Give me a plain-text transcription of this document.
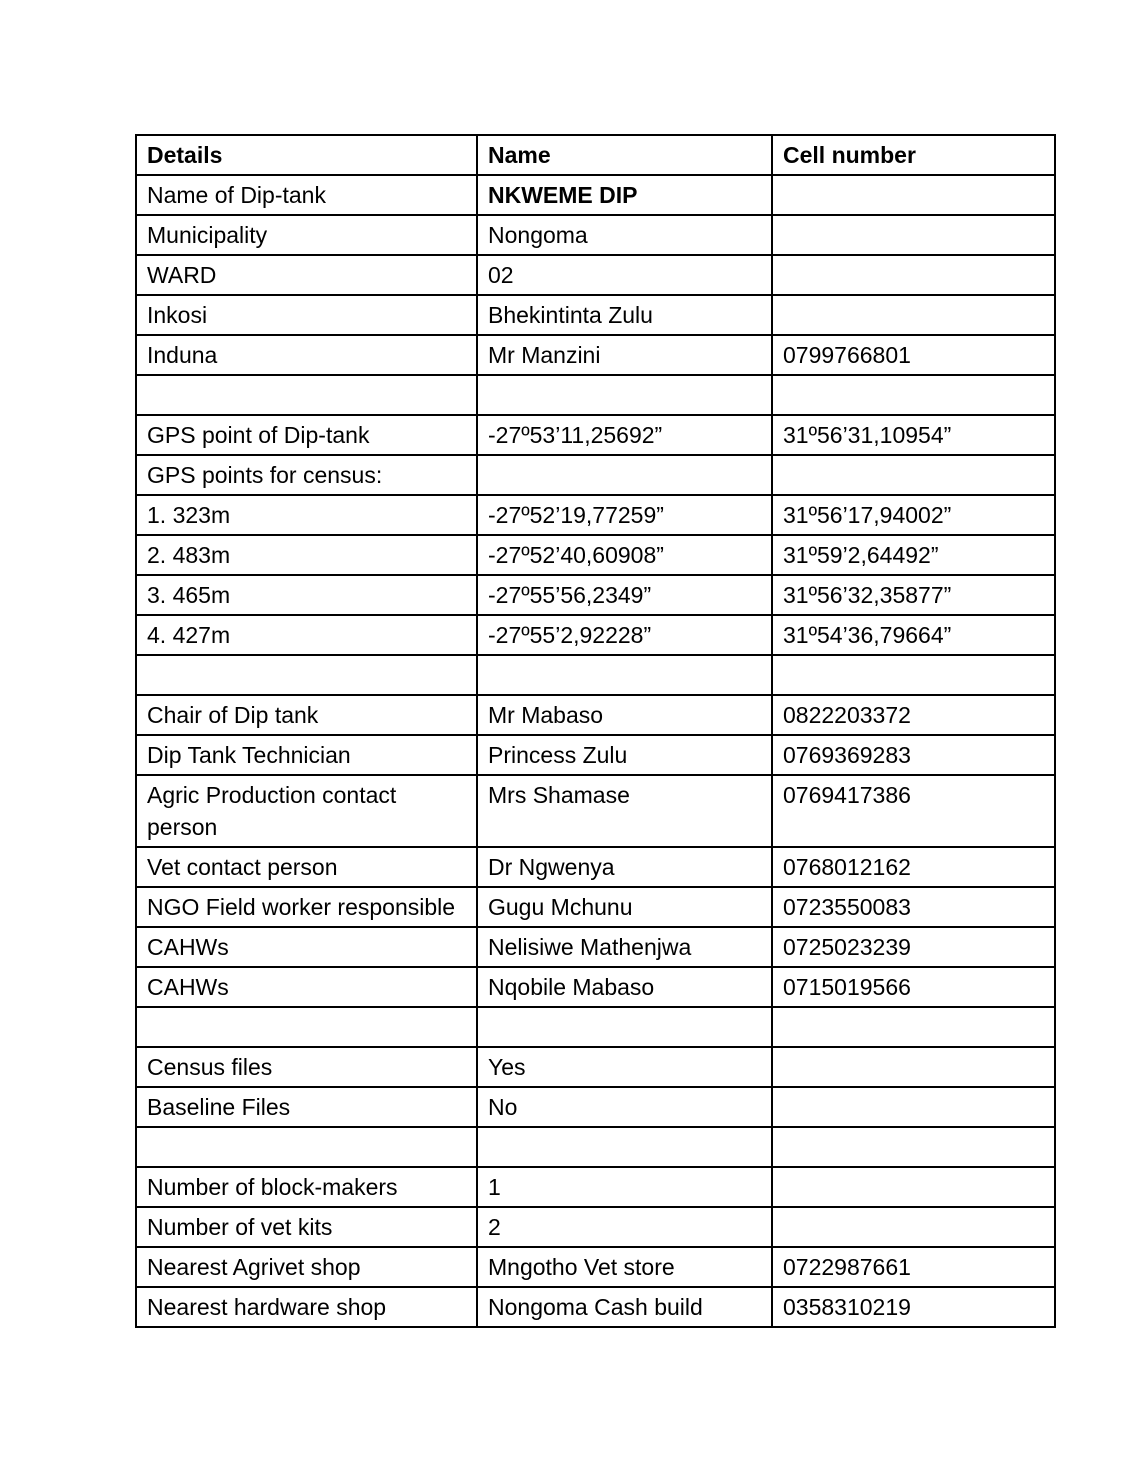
Details	Name	Cell number
Name of Dip-tank	NKWEME DIP	
Municipality	Nongoma	
WARD	02	
Inkosi	Bhekintinta Zulu	
Induna	Mr Manzini	0799766801

GPS point of Dip-tank	-27º53’11,25692”	31º56’31,10954”
GPS points for census:		
1. 323m	-27º52’19,77259”	31º56’17,94002”
2. 483m	-27º52’40,60908”	31º59’2,64492”
3. 465m	-27º55’56,2349”	31º56’32,35877”
4. 427m	-27º55’2,92228”	31º54’36,79664”

Chair of Dip tank	Mr Mabaso	0822203372
Dip Tank Technician	Princess Zulu	0769369283
Agric Production contact person	Mrs Shamase	0769417386
Vet contact person	Dr Ngwenya	0768012162
NGO Field worker responsible	Gugu Mchunu	0723550083
CAHWs	Nelisiwe Mathenjwa	0725023239
CAHWs	Nqobile Mabaso	0715019566

Census files	Yes	
Baseline Files	No	

Number of block-makers	1	
Number of vet kits	2	
Nearest Agrivet shop	Mngotho Vet store	0722987661
Nearest hardware shop	Nongoma Cash build	0358310219
